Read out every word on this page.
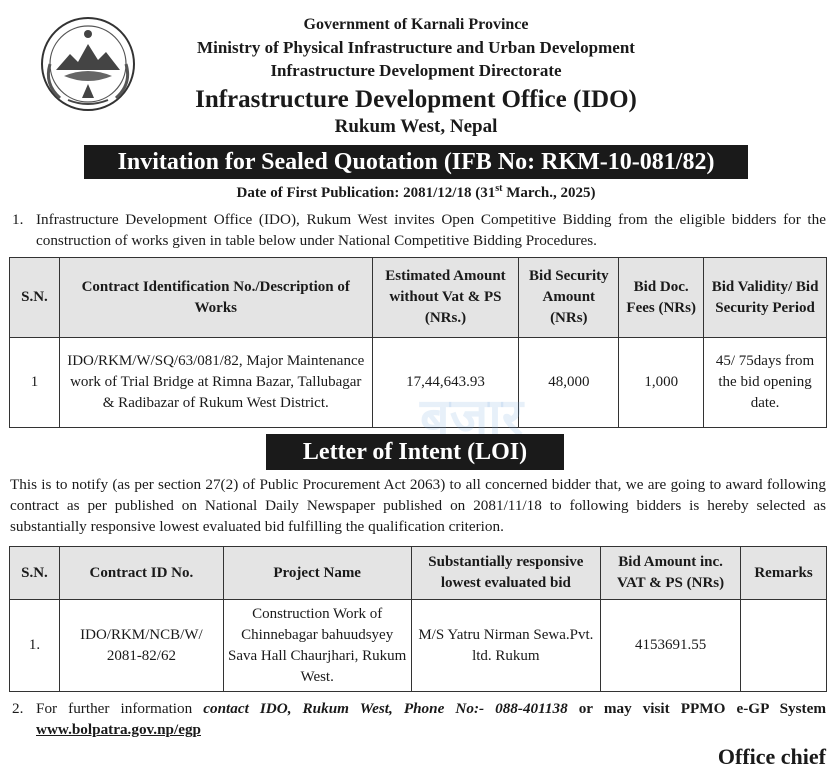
Government of Karnali Province
Ministry of Physical Infrastructure and Urban Development
Infrastructure Development Directorate
Infrastructure Development Office (IDO)
Rukum West, Nepal
Invitation for Sealed Quotation (IFB No: RKM-10-081/82)
Date of First Publication: 2081/12/18 (31st March., 2025)
1. Infrastructure Development Office (IDO), Rukum West invites Open Competitive Bidding from the eligible bidders for the construction of works given in table below under National Competitive Bidding Procedures.
S.N.	Contract Identification No./Description of Works	Estimated Amount without Vat & PS (NRs.)	Bid Security Amount (NRs)	Bid Doc. Fees (NRs)	Bid Validity/ Bid Security Period
1	IDO/RKM/W/SQ/63/081/82, Major Maintenance work of Trial Bridge at Rimna Bazar, Tallubagar & Radibazar of Rukum West District.	17,44,643.93	48,000	1,000	45/ 75days from the bid opening date.
Letter of Intent (LOI)
This is to notify (as per section 27(2) of Public Procurement Act 2063) to all concerned bidder that, we are going to award following contract as per published on National Daily Newspaper published on 2081/11/18 to following bidders is hereby selected as substantially responsive lowest evaluated bid fulfilling the qualification criterion.
S.N.	Contract ID No.	Project Name	Substantially responsive lowest evaluated bid	Bid Amount inc. VAT & PS (NRs)	Remarks
1.	IDO/RKM/NCB/W/ 2081-82/62	Construction Work of Chinnebagar bahuudsyey Sava Hall Chaurjhari, Rukum West.	M/S Yatru Nirman Sewa.Pvt. ltd. Rukum	4153691.55	
2. For further information contact IDO, Rukum West, Phone No:- 088-401138 or may visit PPMO e-GP System www.bolpatra.gov.np/egp
Office chief
